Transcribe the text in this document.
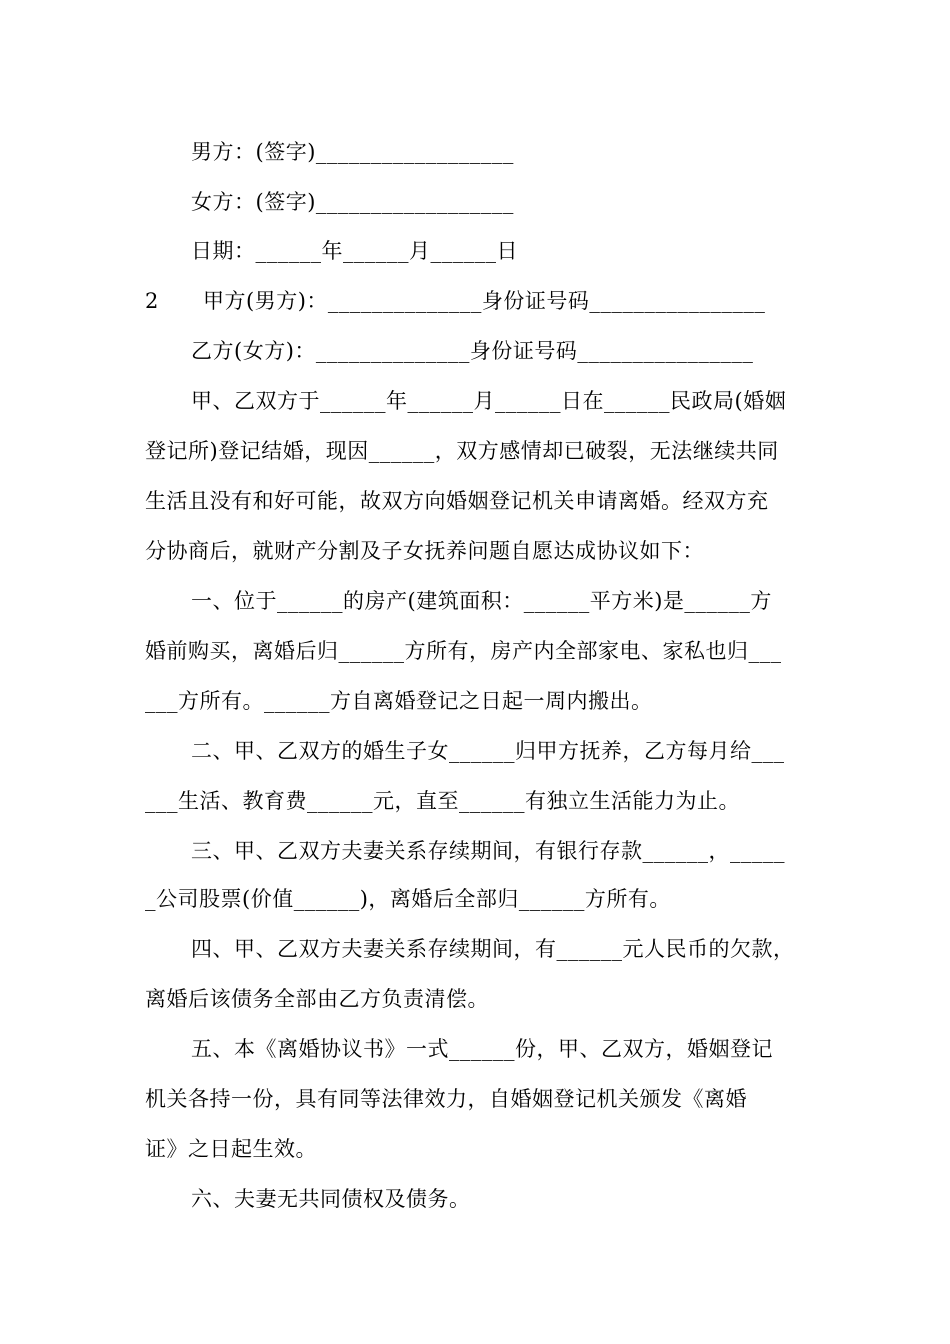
男方：(签字)__________________
女方：(签字)__________________
日期：______年______月______日
2 甲方(男方)：______________身份证号码________________
乙方(女方)：______________身份证号码________________
甲、乙双方于______年______月______日在______民政局(婚姻
登记所)登记结婚，现因______，双方感情却已破裂，无法继续共同
生活且没有和好可能，故双方向婚姻登记机关申请离婚。经双方充
分协商后，就财产分割及子女抚养问题自愿达成协议如下：
一、位于______的房产(建筑面积：______平方米)是______方
婚前购买，离婚后归______方所有，房产内全部家电、家私也归___
___方所有。______方自离婚登记之日起一周内搬出。
二、甲、乙双方的婚生子女______归甲方抚养，乙方每月给___
___生活、教育费______元，直至______有独立生活能力为止。
三、甲、乙双方夫妻关系存续期间，有银行存款______，_____
_公司股票(价值______)，离婚后全部归______方所有。
四、甲、乙双方夫妻关系存续期间，有______元人民币的欠款，
离婚后该债务全部由乙方负责清偿。
五、本《离婚协议书》一式______份，甲、乙双方，婚姻登记
机关各持一份，具有同等法律效力，自婚姻登记机关颁发《离婚
证》之日起生效。
六、夫妻无共同债权及债务。
